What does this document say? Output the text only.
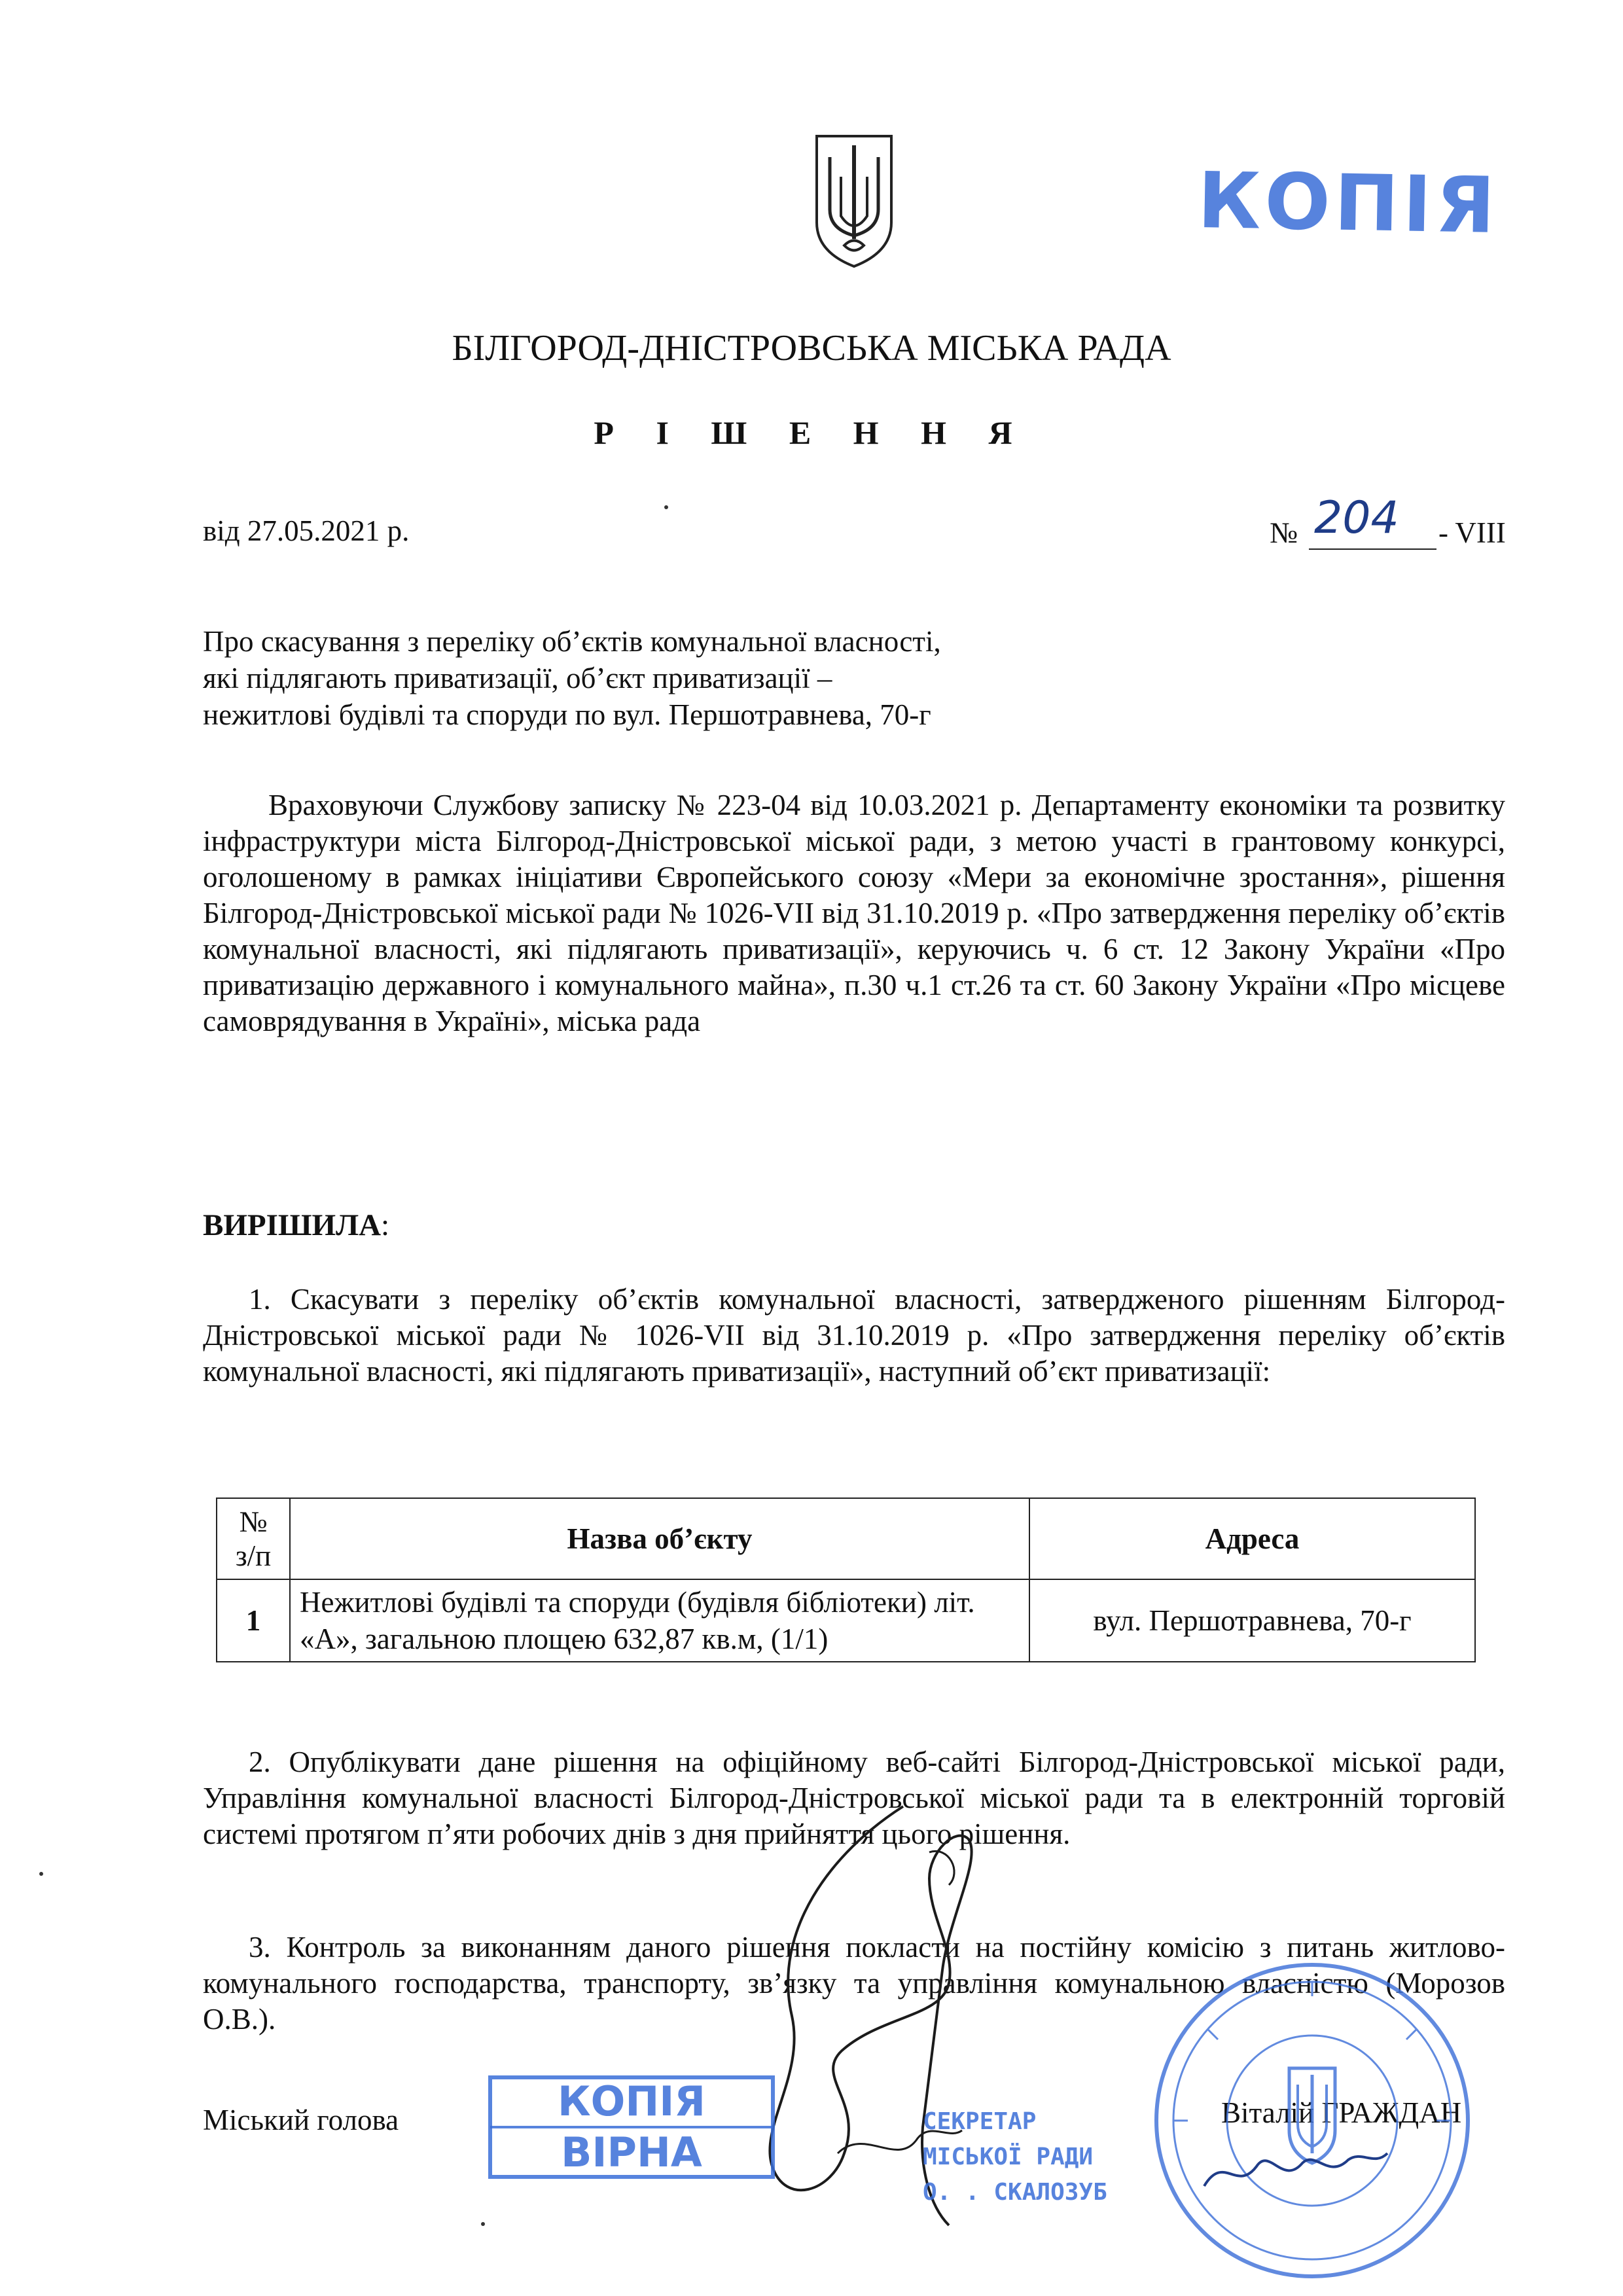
КОПІЯ
БІЛГОРОД-ДНІСТРОВСЬКА МІСЬКА РАДА
Р І Ш Е Н Н Я
від 27.05.2021 р.	№ 204	- VIII
Про скасування з переліку об’єктів комунальної власності,
які підлягають приватизації, об’єкт приватизації –
нежитлові будівлі та споруди по вул. Першотравнева, 70-г
Враховуючи Службову записку № 223-04 від 10.03.2021 р. Департаменту економіки та розвитку інфраструктури міста Білгород-Дністровської міської ради, з метою участі в грантовому конкурсі, оголошеному в рамках ініціативи Європейського союзу «Мери за економічне зростання», рішення Білгород-Дністровської міської ради № 1026-VII від 31.10.2019 р. «Про затвердження переліку об’єктів комунальної власності, які підлягають приватизації», керуючись ч. 6 ст. 12 Закону України «Про приватизацію державного і комунального майна», п.30 ч.1 ст.26 та ст. 60 Закону України «Про місцеве самоврядування в Україні», міська рада
ВИРІШИЛА:
1. Скасувати з переліку об’єктів комунальної власності, затвердженого рішенням Білгород-Дністровської міської ради № 1026-VII від 31.10.2019 р. «Про затвердження переліку об’єктів комунальної власності, які підлягають приватизації», наступний об’єкт приватизації:
№
з/п	Назва об’єкту	Адреса
1	Нежитлові будівлі та споруди (будівля бібліотеки) літ. «А», загальною площею 632,87 кв.м, (1/1)	вул. Першотравнева, 70-г
2. Опублікувати дане рішення на офіційному веб-сайті Білгород-Дністровської міської ради, Управління комунальної власності Білгород-Дністровської міської ради та в електронній торговій системі протягом п’яти робочих днів з дня прийняття цього рішення.
3. Контроль за виконанням даного рішення покласти на постійну комісію з питань житлово-комунального господарства, транспорту, зв’язку та управління комунальною власністю (Морозов О.В.).
Міський голова	Віталій ГРАЖДАН
КОПІЯ
ВІРНА
СЕКРЕТАР
МІСЬКОЇ РАДИ
О. . СКАЛОЗУБ
